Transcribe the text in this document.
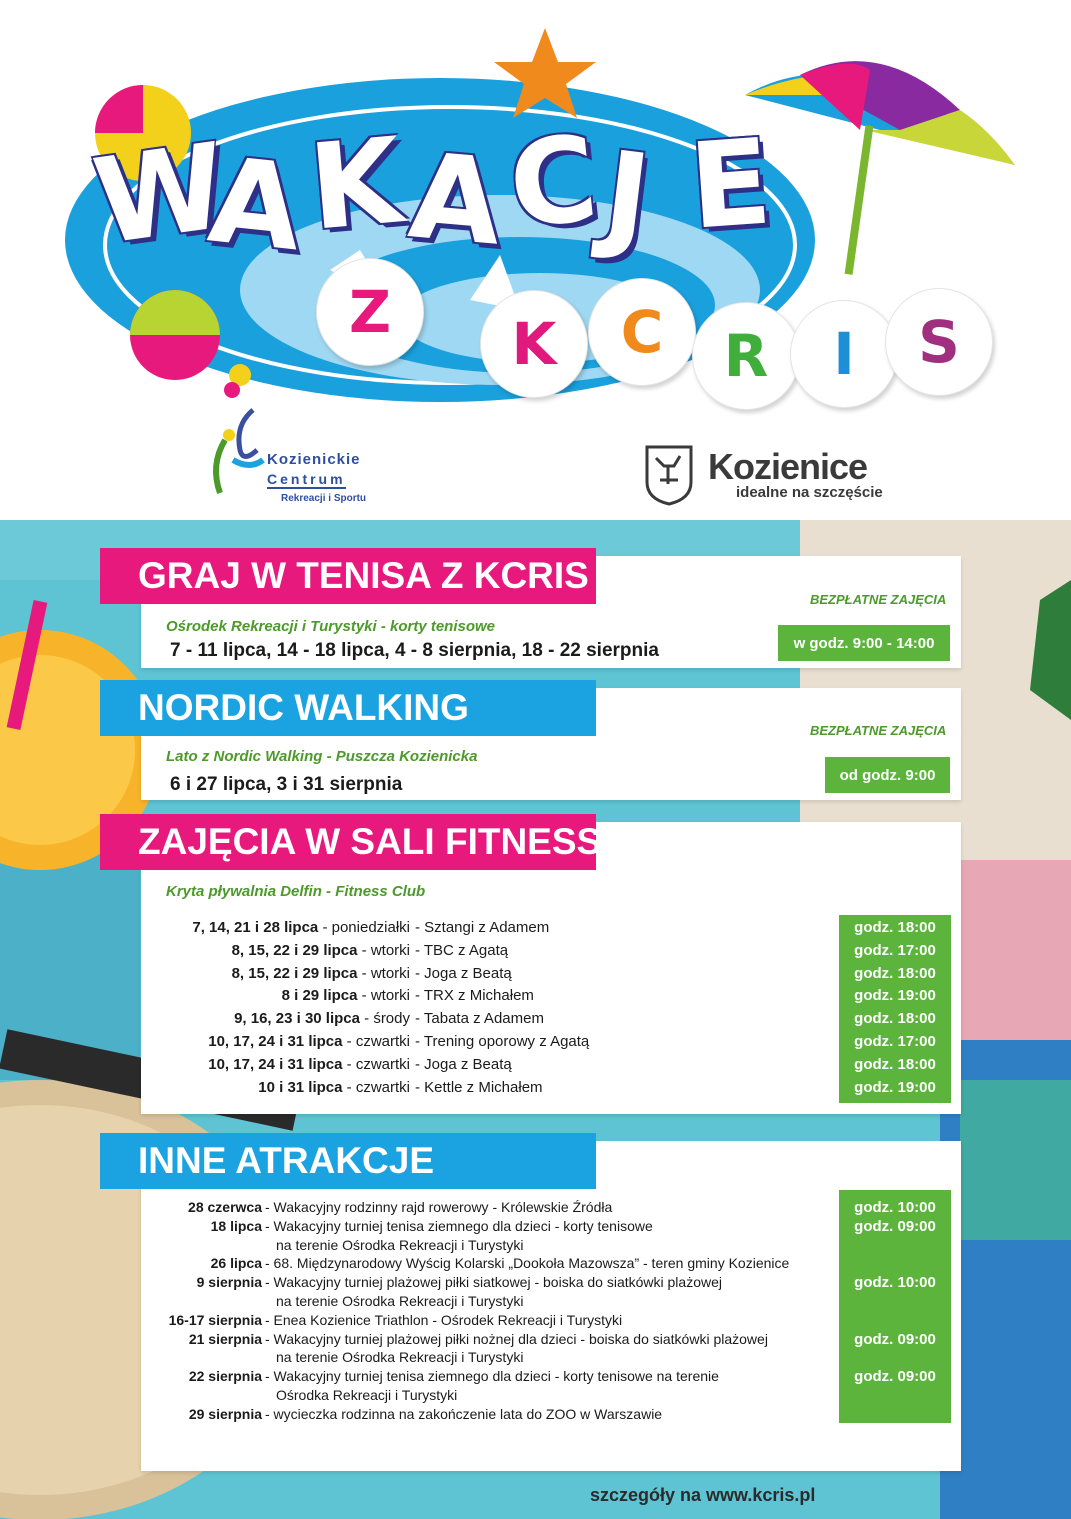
W
A
K
A
C
J E
Z	K	C	R	I	S
Kozienickie
Centrum
Rekreacji i Sportu
Kozienice
idealne na szczęście
GRAJ W TENISA Z KCRIS
BEZPŁATNE ZAJĘCIA
Ośrodek Rekreacji i Turystyki - korty tenisowe
7 - 11 lipca, 14 - 18 lipca, 4 - 8 sierpnia, 18 - 22 sierpnia	w godz. 9:00 - 14:00
NORDIC WALKING
BEZPŁATNE ZAJĘCIA
Lato z Nordic Walking - Puszcza Kozienicka
6 i 27 lipca, 3 i 31 sierpnia	od godz. 9:00
ZAJĘCIA W SALI FITNESS
Kryta pływalnia Delfin - Fitness Club
7, 14, 21 i 28 lipca - poniedziałki - Sztangi z Adamem	godz. 18:00
8, 15, 22 i 29 lipca - wtorki - TBC z Agatą	godz. 17:00
8, 15, 22 i 29 lipca - wtorki - Joga z Beatą	godz. 18:00
8 i 29 lipca - wtorki - TRX z Michałem	godz. 19:00
9, 16, 23 i 30 lipca - środy - Tabata z Adamem	godz. 18:00
10, 17, 24 i 31 lipca - czwartki - Trening oporowy z Agatą	godz. 17:00
10, 17, 24 i 31 lipca - czwartki - Joga z Beatą	godz. 18:00
10 i 31 lipca - czwartki - Kettle z Michałem	godz. 19:00
INNE ATRAKCJE
28 czerwca - Wakacyjny rodzinny rajd rowerowy - Królewskie Źródła	godz. 10:00
18 lipca - Wakacyjny turniej tenisa ziemnego dla dzieci - korty tenisowe	godz. 09:00
na terenie Ośrodka Rekreacji i Turystyki
26 lipca - 68. Międzynarodowy Wyścig Kolarski „Dookoła Mazowsza” - teren gminy Kozienice
9 sierpnia - Wakacyjny turniej plażowej piłki siatkowej - boiska do siatkówki plażowej	godz. 10:00
na terenie Ośrodka Rekreacji i Turystyki
16-17 sierpnia - Enea Kozienice Triathlon - Ośrodek Rekreacji i Turystyki
21 sierpnia - Wakacyjny turniej plażowej piłki nożnej dla dzieci - boiska do siatkówki plażowej	godz. 09:00
na terenie Ośrodka Rekreacji i Turystyki
22 sierpnia - Wakacyjny turniej tenisa ziemnego dla dzieci - korty tenisowe na terenie	godz. 09:00
Ośrodka Rekreacji i Turystyki
29 sierpnia - wycieczka rodzinna na zakończenie lata do ZOO w Warszawie
szczegóły na www.kcris.pl
